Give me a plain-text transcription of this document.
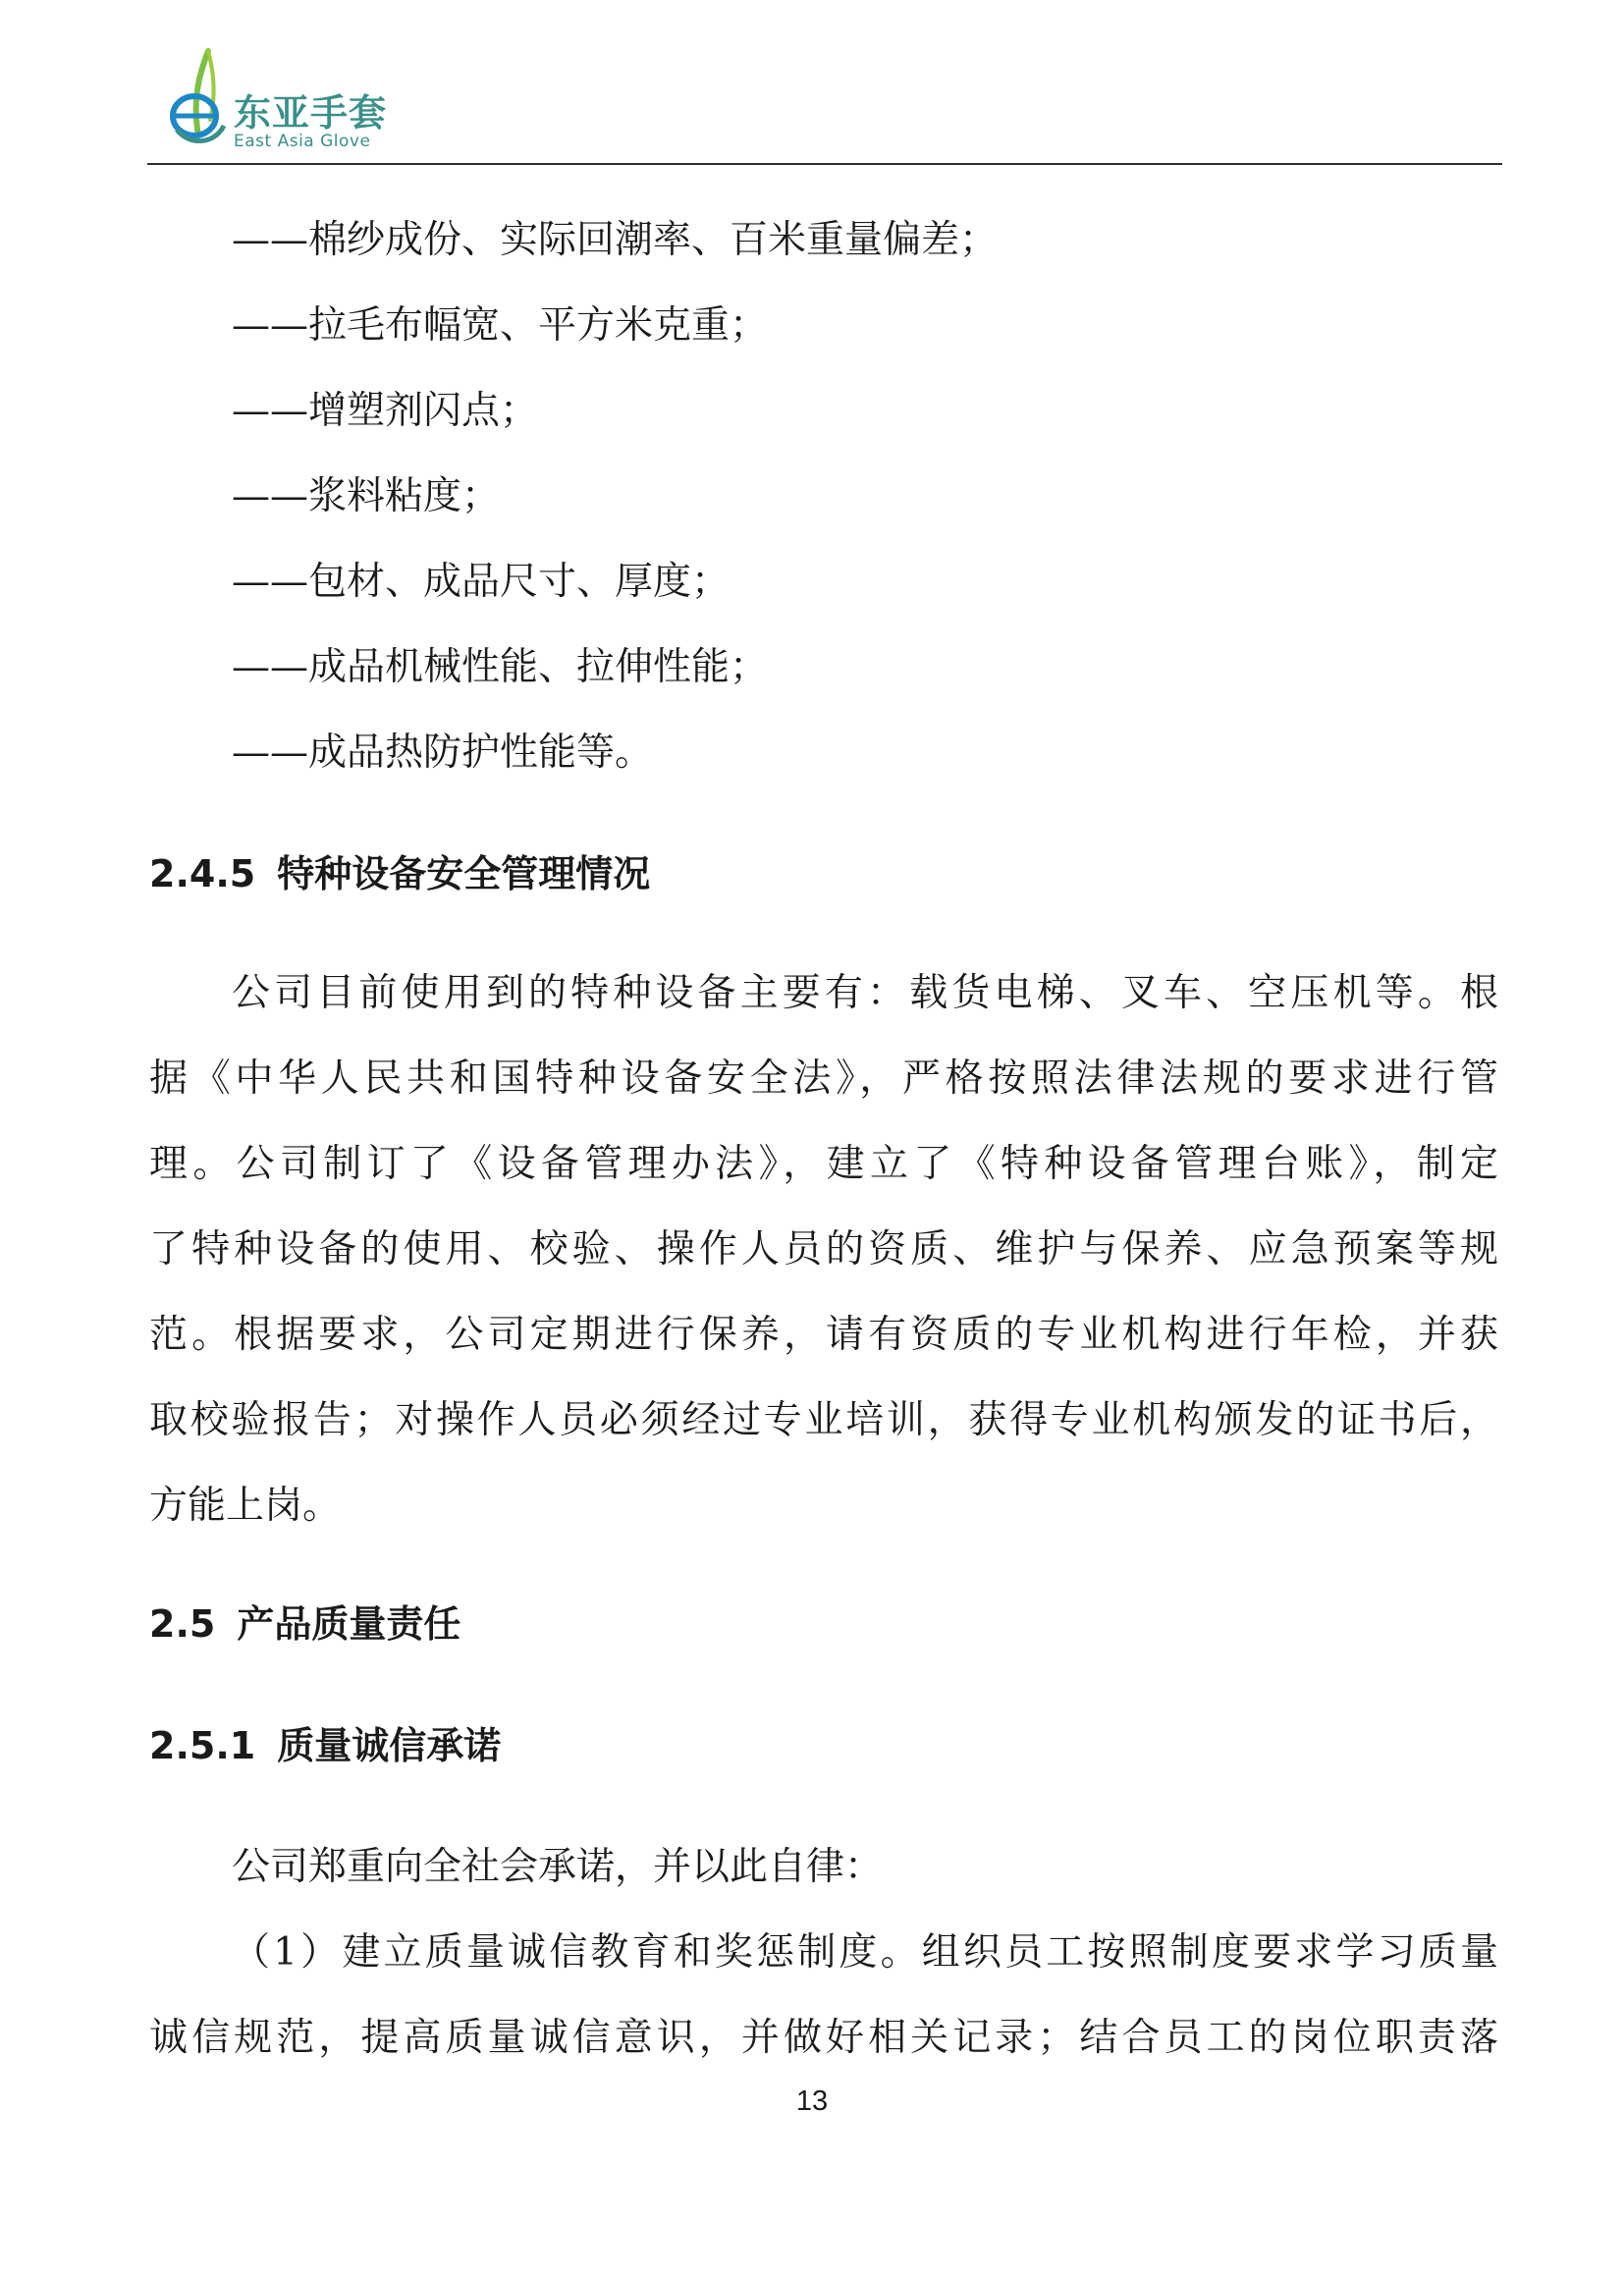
东亚手套
East Asia Glove
——棉纱成份、实际回潮率、百米重量偏差；
——拉毛布幅宽、平方米克重；
——增塑剂闪点；
——浆料粘度；
——包材、成品尺寸、厚度；
——成品机械性能、拉伸性能；
——成品热防护性能等。
2.4.5 特种设备安全管理情况
公司目前使用到的特种设备主要有：载货电梯、叉车、空压机等。根
据《中华人民共和国特种设备安全法》，严格按照法律法规的要求进行管
理。公司制订了《设备管理办法》，建立了《特种设备管理台账》，制定
了特种设备的使用、校验、操作人员的资质、维护与保养、应急预案等规
范。根据要求，公司定期进行保养，请有资质的专业机构进行年检，并获
取校验报告；对操作人员必须经过专业培训，获得专业机构颁发的证书后，
方能上岗。
2.5 产品质量责任
2.5.1 质量诚信承诺
公司郑重向全社会承诺，并以此自律：
（1）建立质量诚信教育和奖惩制度。组织员工按照制度要求学习质量
诚信规范，提高质量诚信意识，并做好相关记录；结合员工的岗位职责落
13
